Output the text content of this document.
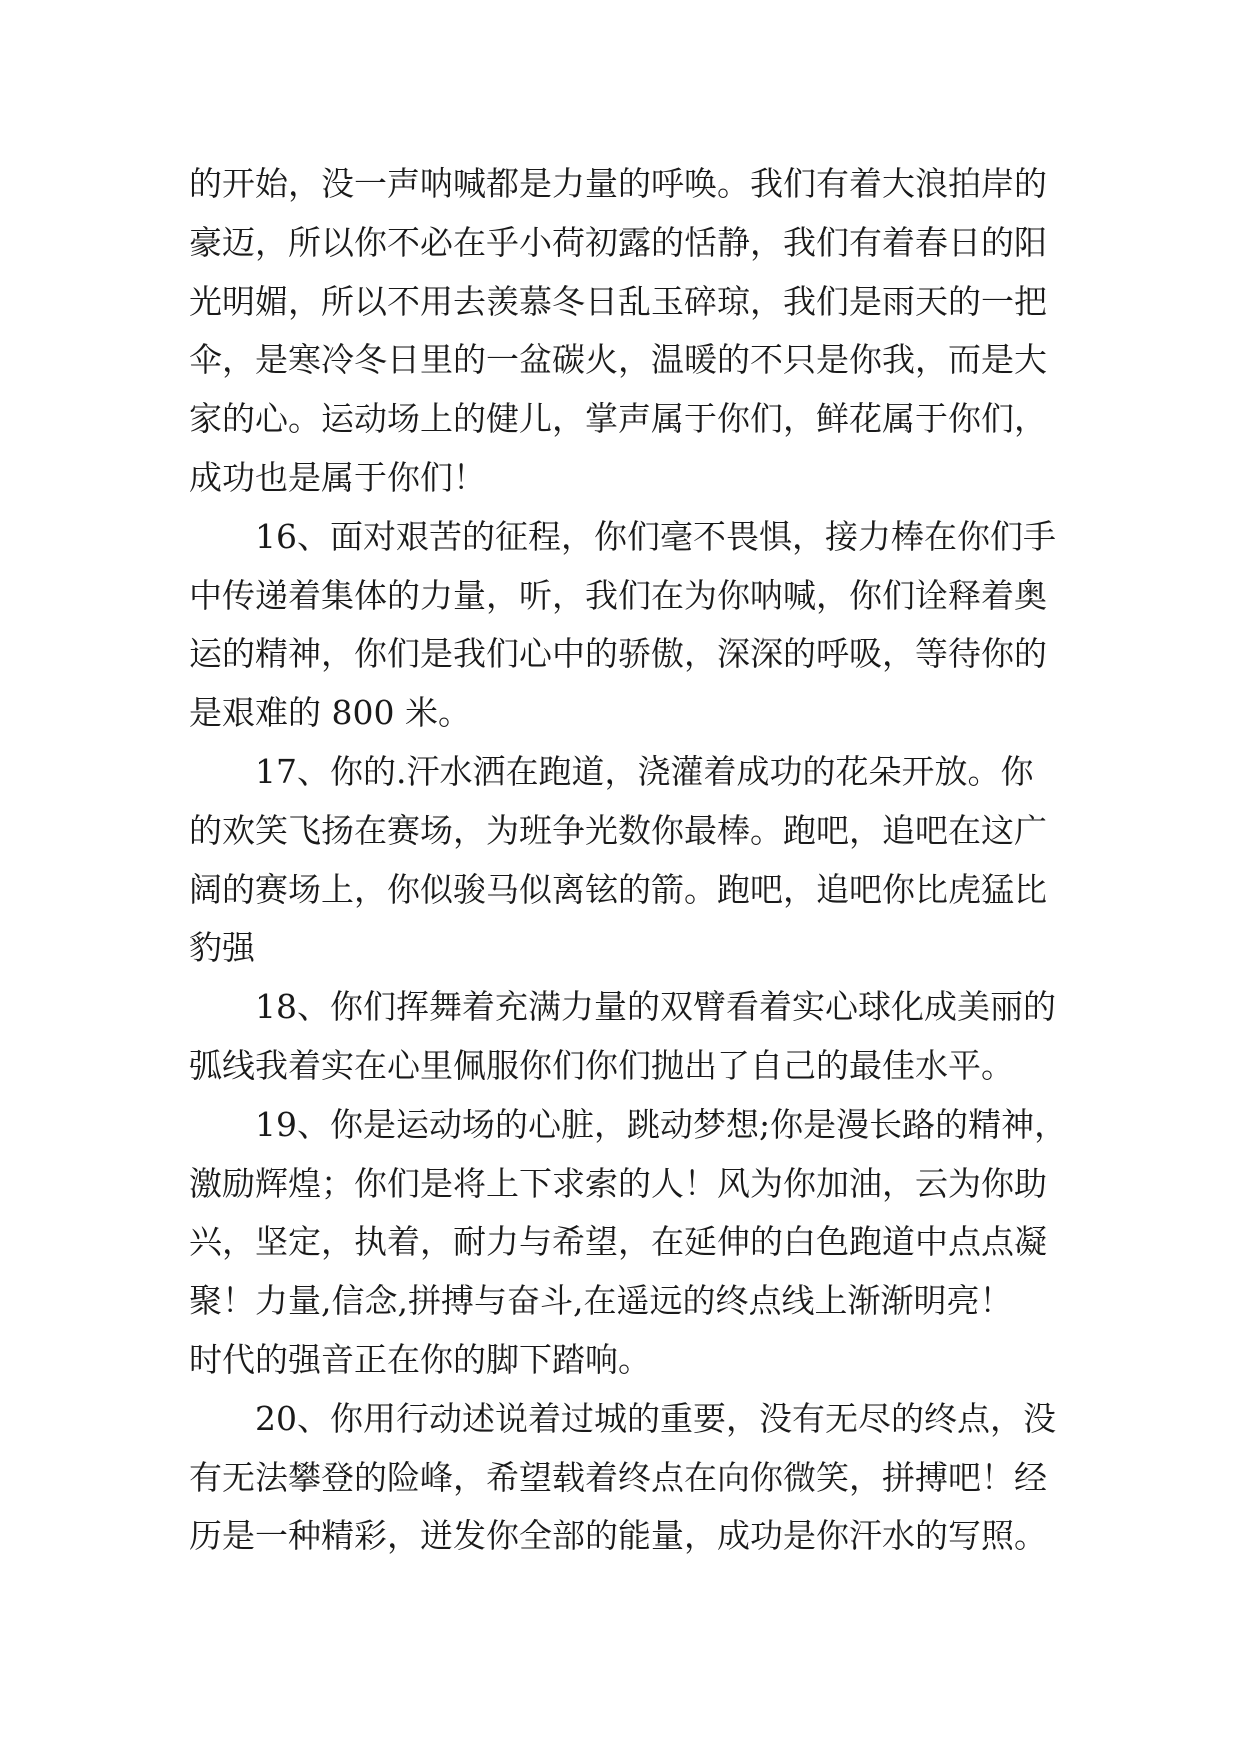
的开始，没一声呐喊都是力量的呼唤。我们有着大浪拍岸的
豪迈，所以你不必在乎小荷初露的恬静，我们有着春日的阳
光明媚，所以不用去羡慕冬日乱玉碎琼，我们是雨天的一把
伞，是寒冷冬日里的一盆碳火，温暖的不只是你我，而是大
家的心。运动场上的健儿，掌声属于你们，鲜花属于你们，
成功也是属于你们！
16、面对艰苦的征程，你们毫不畏惧，接力棒在你们手
中传递着集体的力量，听，我们在为你呐喊，你们诠释着奥
运的精神，你们是我们心中的骄傲，深深的呼吸，等待你的
是艰难的 800 米。
17、你的.汗水洒在跑道，浇灌着成功的花朵开放。你
的欢笑飞扬在赛场，为班争光数你最棒。跑吧，追吧在这广
阔的赛场上，你似骏马似离铉的箭。跑吧，追吧你比虎猛比
豹强
18、你们挥舞着充满力量的双臂看着实心球化成美丽的
弧线我着实在心里佩服你们你们抛出了自己的最佳水平。
19、你是运动场的心脏，跳动梦想;你是漫长路的精神，
激励辉煌；你们是将上下求索的人！风为你加油，云为你助
兴，坚定，执着，耐力与希望，在延伸的白色跑道中点点凝
聚！力量,信念,拼搏与奋斗,在遥远的终点线上渐渐明亮！
时代的强音正在你的脚下踏响。
20、你用行动述说着过城的重要，没有无尽的终点，没
有无法攀登的险峰，希望载着终点在向你微笑，拼搏吧！经
历是一种精彩，迸发你全部的能量，成功是你汗水的写照。
